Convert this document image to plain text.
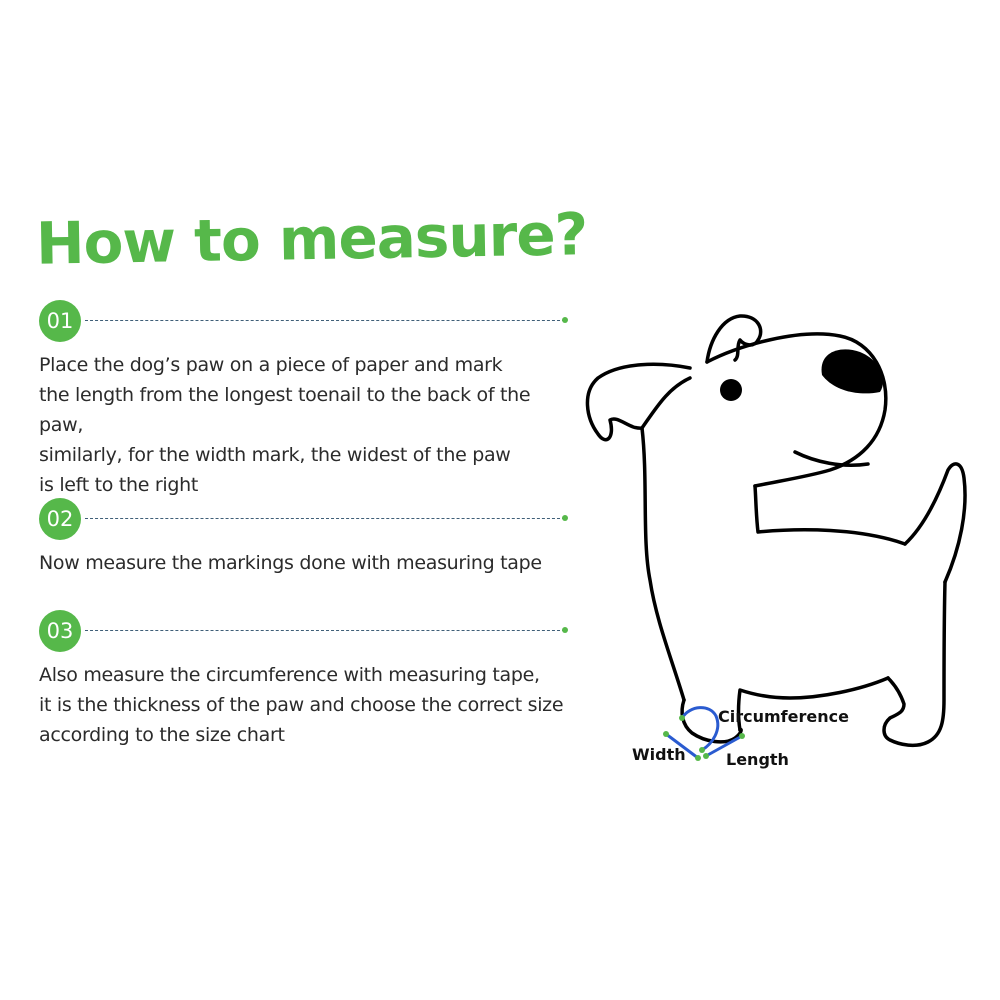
How to measure?
01

Place the dog’s paw on a piece of paper and mark
the length from the longest toenail to the back of the paw,
similarly, for the width mark, the widest of the paw
is left to the right

02

Now measure the markings done with measuring tape

03

Also measure the circumference with measuring tape,
it is the thickness of the paw and choose the correct size
according to the size chart

Circumference
Width	Length
